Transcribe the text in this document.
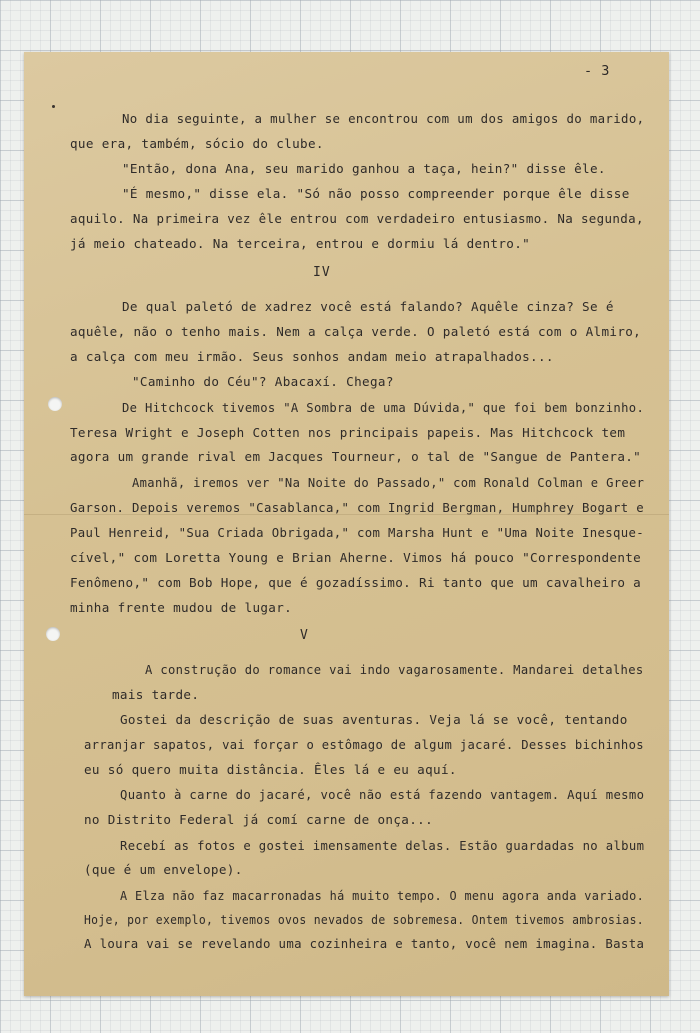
- 3
No dia seguinte, a mulher se encontrou com um dos amigos do marido,
que era, também, sócio do clube.
"Então, dona Ana, seu marido ganhou a taça, hein?" disse êle.
"É mesmo," disse ela. "Só não posso compreender porque êle disse
aquilo. Na primeira vez êle entrou com verdadeiro entusiasmo. Na segunda,
já meio chateado. Na terceira, entrou e dormiu lá dentro."
IV
De qual paletó de xadrez você está falando? Aquêle cinza? Se é
aquêle, não o tenho mais. Nem a calça verde. O paletó está com o Almiro,
a calça com meu irmão. Seus sonhos andam meio atrapalhados...
"Caminho do Céu"? Abacaxí. Chega?
De Hitchcock tivemos "A Sombra de uma Dúvida," que foi bem bonzinho.
Teresa Wright e Joseph Cotten nos principais papeis. Mas Hitchcock tem
agora um grande rival em Jacques Tourneur, o tal de "Sangue de Pantera."
Amanhã, iremos ver "Na Noite do Passado," com Ronald Colman e Greer
Garson. Depois veremos "Casablanca," com Ingrid Bergman, Humphrey Bogart e
Paul Henreid, "Sua Criada Obrigada," com Marsha Hunt e "Uma Noite Inesque-
cível," com Loretta Young e Brian Aherne. Vimos há pouco "Correspondente
Fenômeno," com Bob Hope, que é gozadíssimo. Ri tanto que um cavalheiro a
minha frente mudou de lugar.
V
A construção do romance vai indo vagarosamente. Mandarei detalhes
mais tarde.
Gostei da descrição de suas aventuras. Veja lá se você, tentando
arranjar sapatos, vai forçar o estômago de algum jacaré. Desses bichinhos
eu só quero muita distância. Êles lá e eu aquí.
Quanto à carne do jacaré, você não está fazendo vantagem. Aquí mesmo
no Distrito Federal já comí carne de onça...
Recebí as fotos e gostei imensamente delas. Estão guardadas no album
(que é um envelope).
A Elza não faz macarronadas há muito tempo. O menu agora anda variado.
Hoje, por exemplo, tivemos ovos nevados de sobremesa. Ontem tivemos ambrosias.
A loura vai se revelando uma cozinheira e tanto, você nem imagina. Basta
